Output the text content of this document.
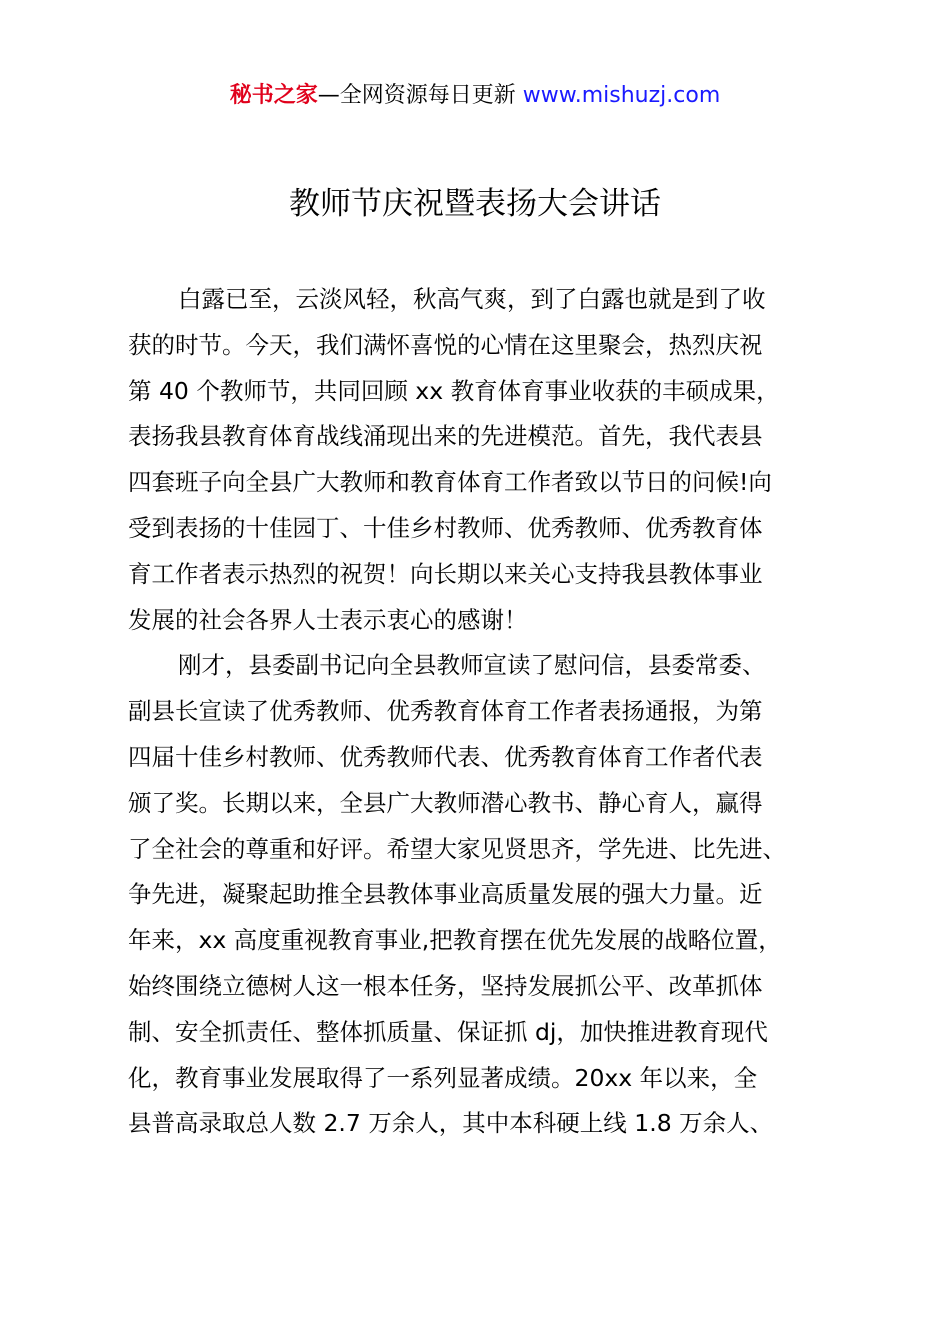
秘书之家—全网资源每日更新 www.mishuzj.com
教师节庆祝暨表扬大会讲话

白露已至，云淡风轻，秋高气爽，到了白露也就是到了收
获的时节。今天，我们满怀喜悦的心情在这里聚会，热烈庆祝
第 40 个教师节，共同回顾 xx 教育体育事业收获的丰硕成果，
表扬我县教育体育战线涌现出来的先进模范。首先，我代表县
四套班子向全县广大教师和教育体育工作者致以节日的问候!向
受到表扬的十佳园丁、十佳乡村教师、优秀教师、优秀教育体
育工作者表示热烈的祝贺！向长期以来关心支持我县教体事业
发展的社会各界人士表示衷心的感谢！

刚才，县委副书记向全县教师宣读了慰问信，县委常委、
副县长宣读了优秀教师、优秀教育体育工作者表扬通报，为第
四届十佳乡村教师、优秀教师代表、优秀教育体育工作者代表
颁了奖。长期以来，全县广大教师潜心教书、静心育人，赢得
了全社会的尊重和好评。希望大家见贤思齐，学先进、比先进、
争先进，凝聚起助推全县教体事业高质量发展的强大力量。近
年来，xx 高度重视教育事业,把教育摆在优先发展的战略位置，
始终围绕立德树人这一根本任务，坚持发展抓公平、改革抓体
制、安全抓责任、整体抓质量、保证抓 dj，加快推进教育现代
化，教育事业发展取得了一系列显著成绩。20xx 年以来，全
县普高录取总人数 2.7 万余人，其中本科硬上线 1.8 万余人、
